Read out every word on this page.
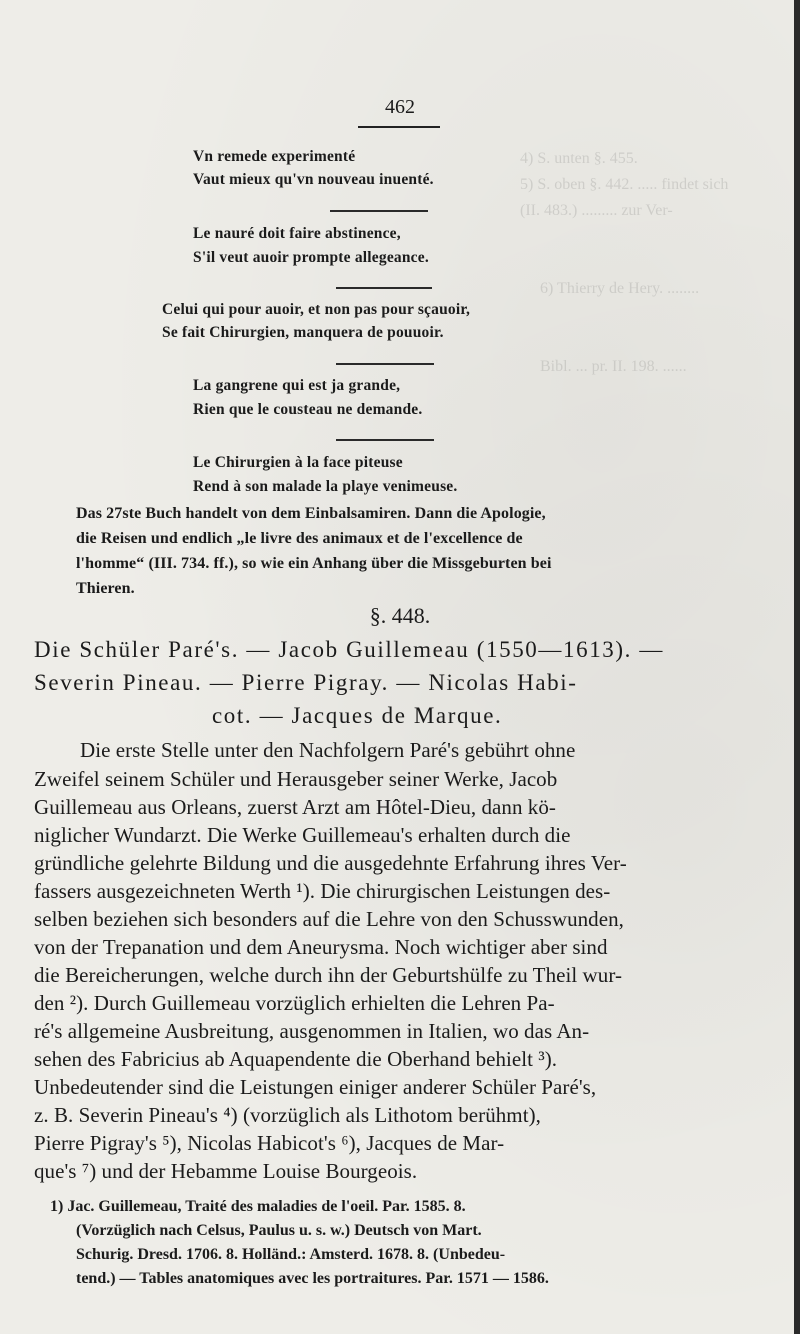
4) S. unten §. 455.
5) S. oben §. 442. ..... findet sich
(II. 483.) ......... zur Ver-
6) Thierry de Hery. ........
Bibl. ... pr. II. 198. ......
462
Vn remede experimenté
Vaut mieux qu'vn nouveau inuenté.
Le nauré doit faire abstinence,
S'il veut auoir prompte allegeance.
Celui qui pour auoir, et non pas pour sçauoir,
Se fait Chirurgien, manquera de pouuoir.
La gangrene qui est ja grande,
Rien que le cousteau ne demande.
Le Chirurgien à la face piteuse
Rend à son malade la playe venimeuse.
Das 27ste Buch handelt von dem Einbalsamiren. Dann die Apologie,
die Reisen und endlich „le livre des animaux et de l'excellence de
l'homme“ (III. 734. ff.), so wie ein Anhang über die Missgeburten bei
Thieren.
§. 448.
Die Schüler Paré's. — Jacob Guillemeau (1550—1613). —
Severin Pineau. — Pierre Pigray. — Nicolas Habi-
cot. — Jacques de Marque.
Die erste Stelle unter den Nachfolgern Paré's gebührt ohne
Zweifel seinem Schüler und Herausgeber seiner Werke, Jacob
Guillemeau aus Orleans, zuerst Arzt am Hôtel-Dieu, dann kö-
niglicher Wundarzt. Die Werke Guillemeau's erhalten durch die
gründliche gelehrte Bildung und die ausgedehnte Erfahrung ihres Ver-
fassers ausgezeichneten Werth ¹). Die chirurgischen Leistungen des-
selben beziehen sich besonders auf die Lehre von den Schusswunden,
von der Trepanation und dem Aneurysma. Noch wichtiger aber sind
die Bereicherungen, welche durch ihn der Geburtshülfe zu Theil wur-
den ²). Durch Guillemeau vorzüglich erhielten die Lehren Pa-
ré's allgemeine Ausbreitung, ausgenommen in Italien, wo das An-
sehen des Fabricius ab Aquapendente die Oberhand behielt ³).
Unbedeutender sind die Leistungen einiger anderer Schüler Paré's,
z. B. Severin Pineau's ⁴) (vorzüglich als Lithotom berühmt),
Pierre Pigray's ⁵), Nicolas Habicot's ⁶), Jacques de Mar-
que's ⁷) und der Hebamme Louise Bourgeois.
1) Jac. Guillemeau, Traité des maladies de l'oeil. Par. 1585. 8.
(Vorzüglich nach Celsus, Paulus u. s. w.) Deutsch von Mart.
Schurig. Dresd. 1706. 8. Holländ.: Amsterd. 1678. 8. (Unbedeu-
tend.) — Tables anatomiques avec les portraitures. Par. 1571 — 1586.
